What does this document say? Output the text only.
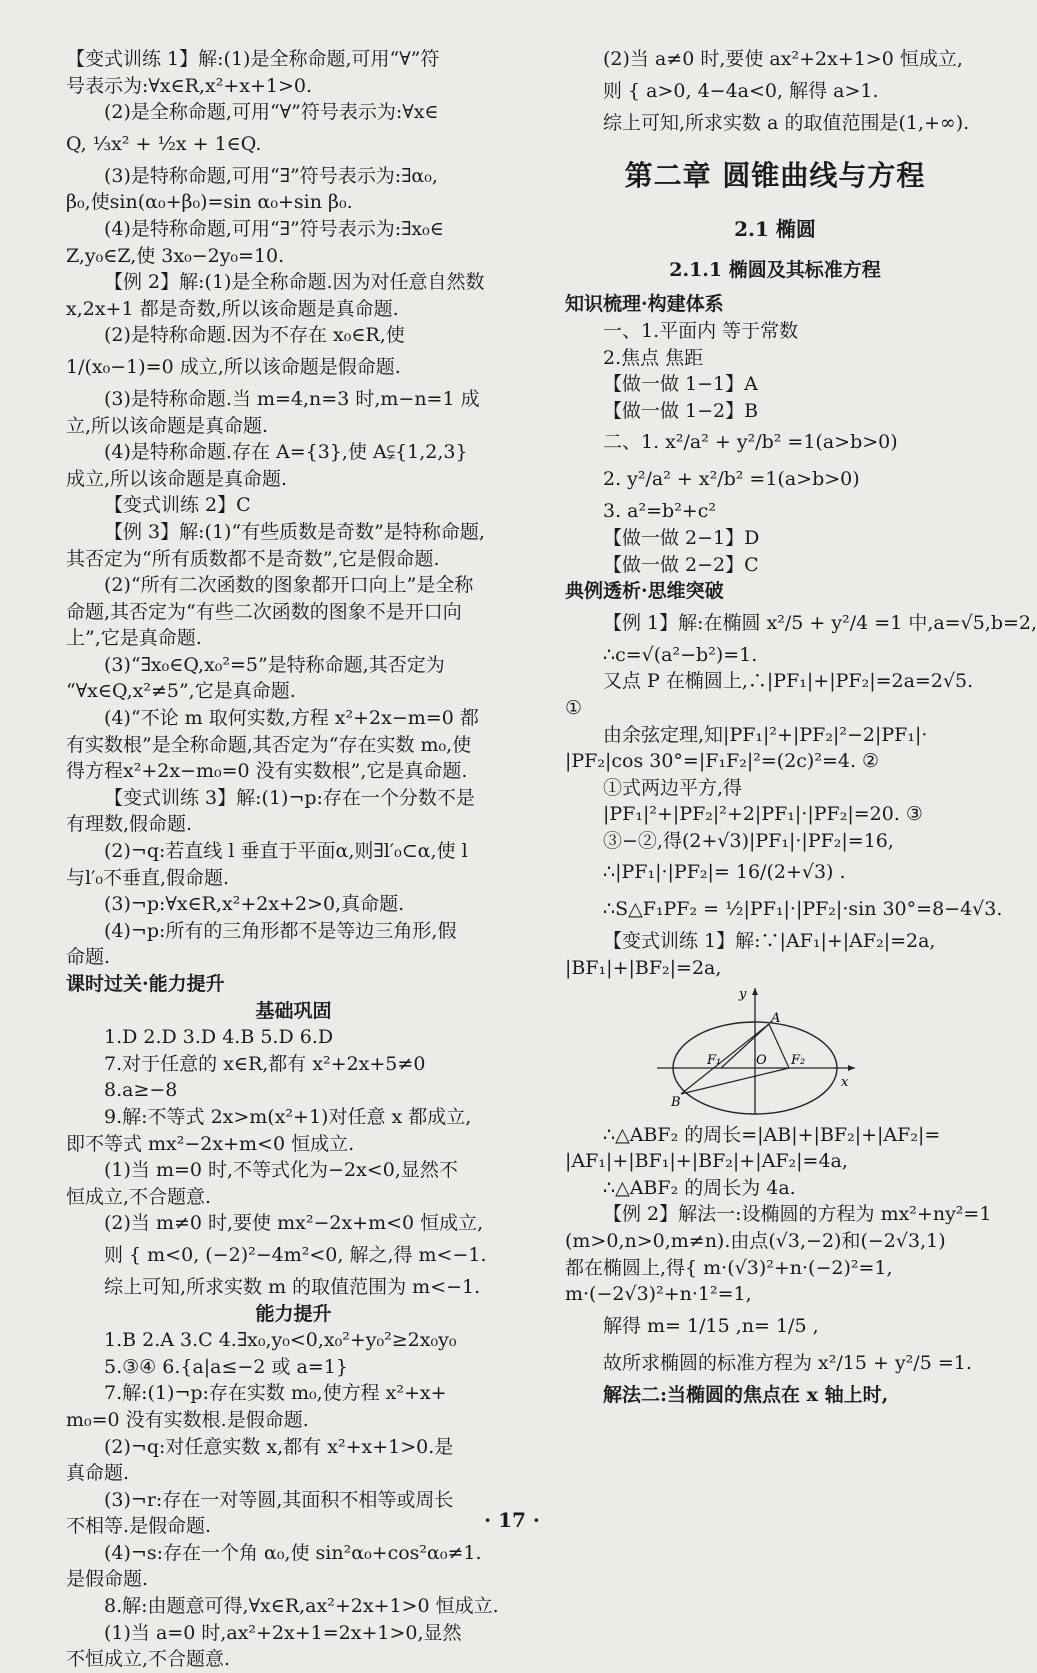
【变式训练 1】解:(1)是全称命题,可用“∀”符
号表示为:∀x∈R,x²+x+1>0.
(2)是全称命题,可用“∀”符号表示为:∀x∈
Q, ⅓x² + ½x + 1∈Q.
(3)是特称命题,可用“∃”符号表示为:∃α₀,
β₀,使sin(α₀+β₀)=sin α₀+sin β₀.
(4)是特称命题,可用“∃”符号表示为:∃x₀∈
Z,y₀∈Z,使 3x₀−2y₀=10.
【例 2】解:(1)是全称命题.因为对任意自然数
x,2x+1 都是奇数,所以该命题是真命题.
(2)是特称命题.因为不存在 x₀∈R,使
1/(x₀−1)=0 成立,所以该命题是假命题.
(3)是特称命题.当 m=4,n=3 时,m−n=1 成
立,所以该命题是真命题.
(4)是特称命题.存在 A={3},使 A⫋{1,2,3}
成立,所以该命题是真命题.
【变式训练 2】C
【例 3】解:(1)“有些质数是奇数”是特称命题,
其否定为“所有质数都不是奇数”,它是假命题.
(2)“所有二次函数的图象都开口向上”是全称
命题,其否定为“有些二次函数的图象不是开口向
上”,它是真命题.
(3)“∃x₀∈Q,x₀²=5”是特称命题,其否定为
“∀x∈Q,x²≠5”,它是真命题.
(4)“不论 m 取何实数,方程 x²+2x−m=0 都
有实数根”是全称命题,其否定为“存在实数 m₀,使
得方程x²+2x−m₀=0 没有实数根”,它是真命题.
【变式训练 3】解:(1)¬p:存在一个分数不是
有理数,假命题.
(2)¬q:若直线 l 垂直于平面α,则∃l′₀⊂α,使 l
与l′₀不垂直,假命题.
(3)¬p:∀x∈R,x²+2x+2>0,真命题.
(4)¬p:所有的三角形都不是等边三角形,假
命题.
课时过关·能力提升
基础巩固
1.D 2.D 3.D 4.B 5.D 6.D
7.对于任意的 x∈R,都有 x²+2x+5≠0
8.a≥−8
9.解:不等式 2x>m(x²+1)对任意 x 都成立,
即不等式 mx²−2x+m<0 恒成立.
(1)当 m=0 时,不等式化为−2x<0,显然不
恒成立,不合题意.
(2)当 m≠0 时,要使 mx²−2x+m<0 恒成立,
则 { m<0, (−2)²−4m²<0, 解之,得 m<−1.
综上可知,所求实数 m 的取值范围为 m<−1.
能力提升
1.B 2.A 3.C 4.∃x₀,y₀<0,x₀²+y₀²≥2x₀y₀
5.③④ 6.{a|a≤−2 或 a=1}
7.解:(1)¬p:存在实数 m₀,使方程 x²+x+
m₀=0 没有实数根.是假命题.
(2)¬q:对任意实数 x,都有 x²+x+1>0.是
真命题.
(3)¬r:存在一对等圆,其面积不相等或周长
不相等.是假命题.
(4)¬s:存在一个角 α₀,使 sin²α₀+cos²α₀≠1.
是假命题.
8.解:由题意可得,∀x∈R,ax²+2x+1>0 恒成立.
(1)当 a=0 时,ax²+2x+1=2x+1>0,显然
不恒成立,不合题意.
(2)当 a≠0 时,要使 ax²+2x+1>0 恒成立,
则 { a>0, 4−4a<0, 解得 a>1.
综上可知,所求实数 a 的取值范围是(1,+∞).
第二章 圆锥曲线与方程
2.1 椭圆
2.1.1 椭圆及其标准方程
知识梳理·构建体系
一、1.平面内 等于常数
2.焦点 焦距
【做一做 1−1】A
【做一做 1−2】B
二、1. x²/a² + y²/b² =1(a>b>0)
2. y²/a² + x²/b² =1(a>b>0)
3. a²=b²+c²
【做一做 2−1】D
【做一做 2−2】C
典例透析·思维突破
【例 1】解:在椭圆 x²/5 + y²/4 =1 中,a=√5,b=2,
∴c=√(a²−b²)=1.
又点 P 在椭圆上,∴|PF₁|+|PF₂|=2a=2√5.
①
由余弦定理,知|PF₁|²+|PF₂|²−2|PF₁|·
|PF₂|cos 30°=|F₁F₂|²=(2c)²=4. ②
①式两边平方,得
|PF₁|²+|PF₂|²+2|PF₁|·|PF₂|=20. ③
③−②,得(2+√3)|PF₁|·|PF₂|=16,
∴|PF₁|·|PF₂|= 16/(2+√3) .
∴S△F₁PF₂ = ½|PF₁|·|PF₂|·sin 30°=8−4√3.
【变式训练 1】解:∵|AF₁|+|AF₂|=2a,
|BF₁|+|BF₂|=2a,
x
y
A
B
O
F₁	F₂
∴△ABF₂ 的周长=|AB|+|BF₂|+|AF₂|=
|AF₁|+|BF₁|+|BF₂|+|AF₂|=4a,
∴△ABF₂ 的周长为 4a.
【例 2】解法一:设椭圆的方程为 mx²+ny²=1
(m>0,n>0,m≠n).由点(√3,−2)和(−2√3,1)
都在椭圆上,得{ m·(√3)²+n·(−2)²=1,
m·(−2√3)²+n·1²=1,
解得 m= 1/15 ,n= 1/5 ,
故所求椭圆的标准方程为 x²/15 + y²/5 =1.
解法二:当椭圆的焦点在 x 轴上时,
· 17 ·
